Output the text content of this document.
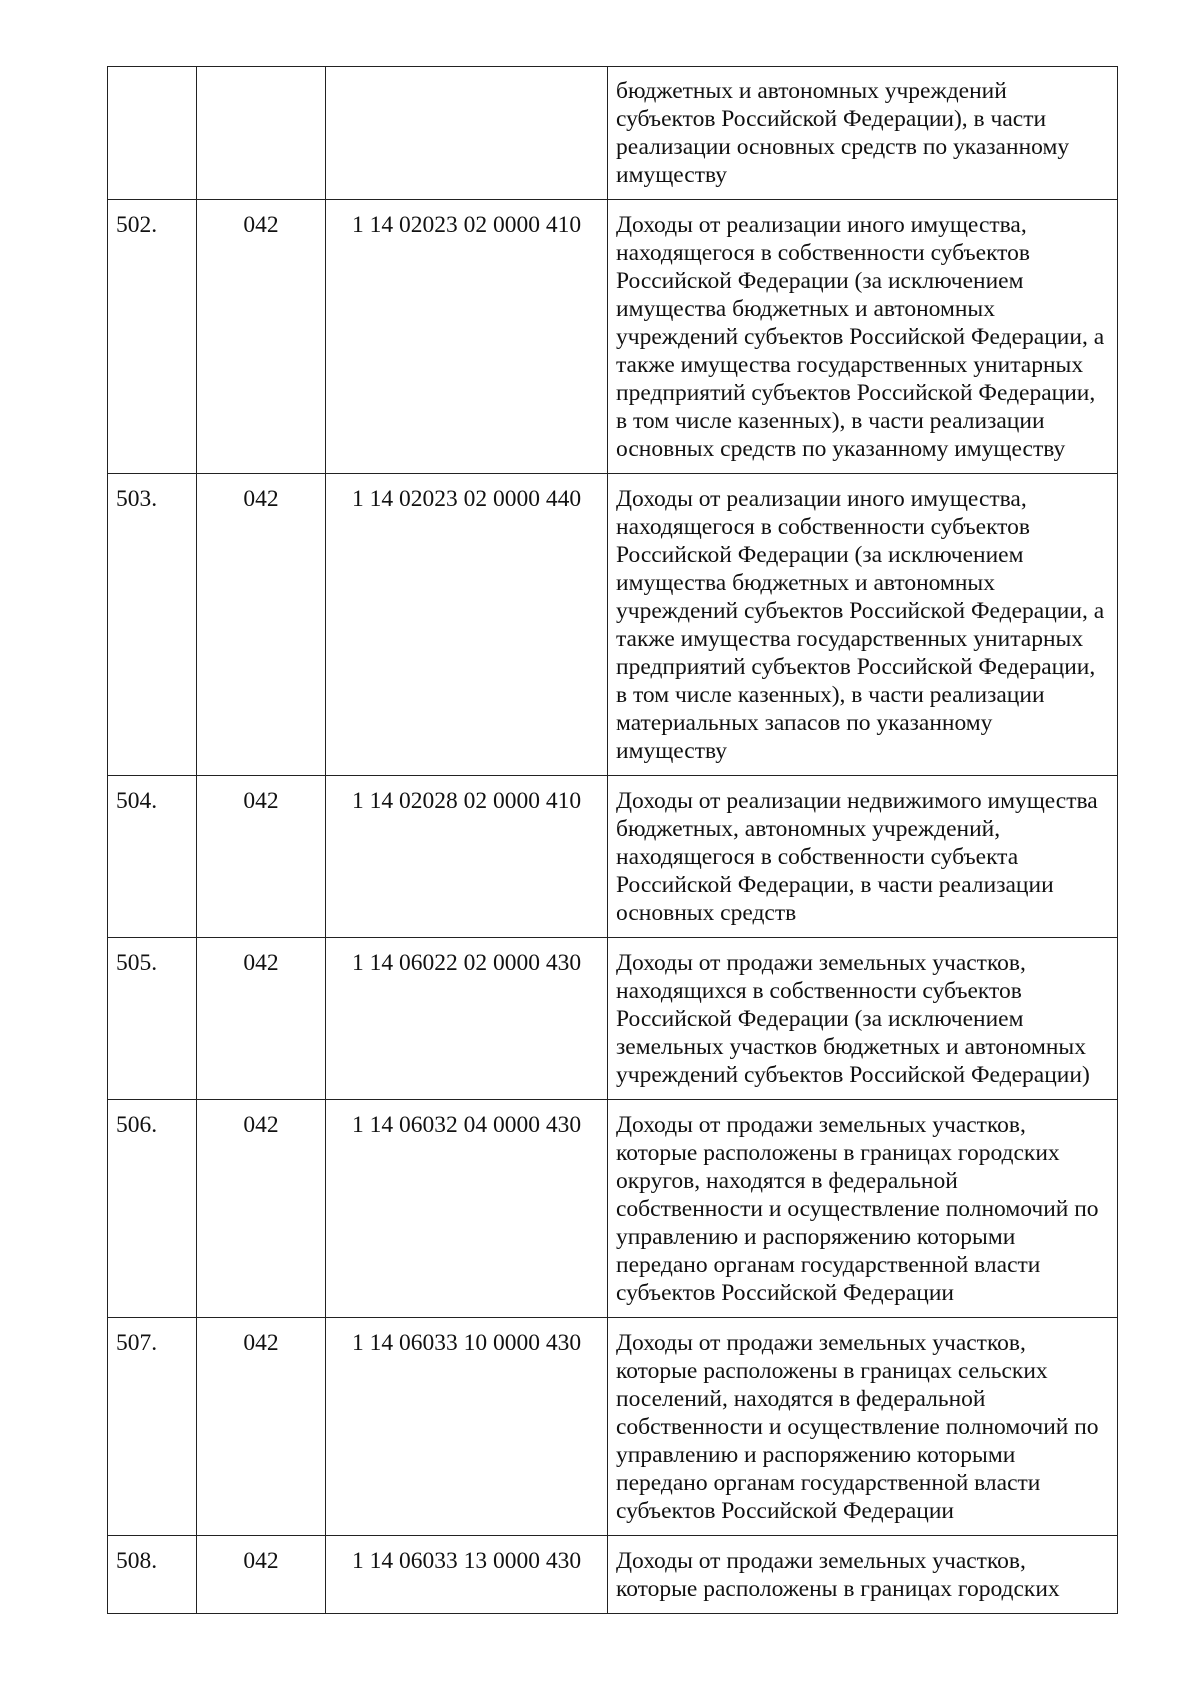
			бюджетных и автономных учреждений субъектов Российской Федерации), в части реализации основных средств по указанному имуществу
502.	042	1 14 02023 02 0000 410	Доходы от реализации иного имущества, находящегося в собственности субъектов Российской Федерации (за исключением имущества бюджетных и автономных учреждений субъектов Российской Федерации, а также имущества государственных унитарных предприятий субъектов Российской Федерации, в том числе казенных), в части реализации основных средств по указанному имуществу
503.	042	1 14 02023 02 0000 440	Доходы от реализации иного имущества, находящегося в собственности субъектов Российской Федерации (за исключением имущества бюджетных и автономных учреждений субъектов Российской Федерации, а также имущества государственных унитарных предприятий субъектов Российской Федерации, в том числе казенных), в части реализации материальных запасов по указанному имуществу
504.	042	1 14 02028 02 0000 410	Доходы от реализации недвижимого имущества бюджетных, автономных учреждений, находящегося в собственности субъекта Российской Федерации, в части реализации основных средств
505.	042	1 14 06022 02 0000 430	Доходы от продажи земельных участков, находящихся в собственности субъектов Российской Федерации (за исключением земельных участков бюджетных и автономных учреждений субъектов Российской Федерации)
506.	042	1 14 06032 04 0000 430	Доходы от продажи земельных участков, которые расположены в границах городских округов, находятся в федеральной собственности и осуществление полномочий по управлению и распоряжению которыми передано органам государственной власти субъектов Российской Федерации
507.	042	1 14 06033 10 0000 430	Доходы от продажи земельных участков, которые расположены в границах сельских поселений, находятся в федеральной собственности и осуществление полномочий по управлению и распоряжению которыми передано органам государственной власти субъектов Российской Федерации
508.	042	1 14 06033 13 0000 430	Доходы от продажи земельных участков, которые расположены в границах городских
